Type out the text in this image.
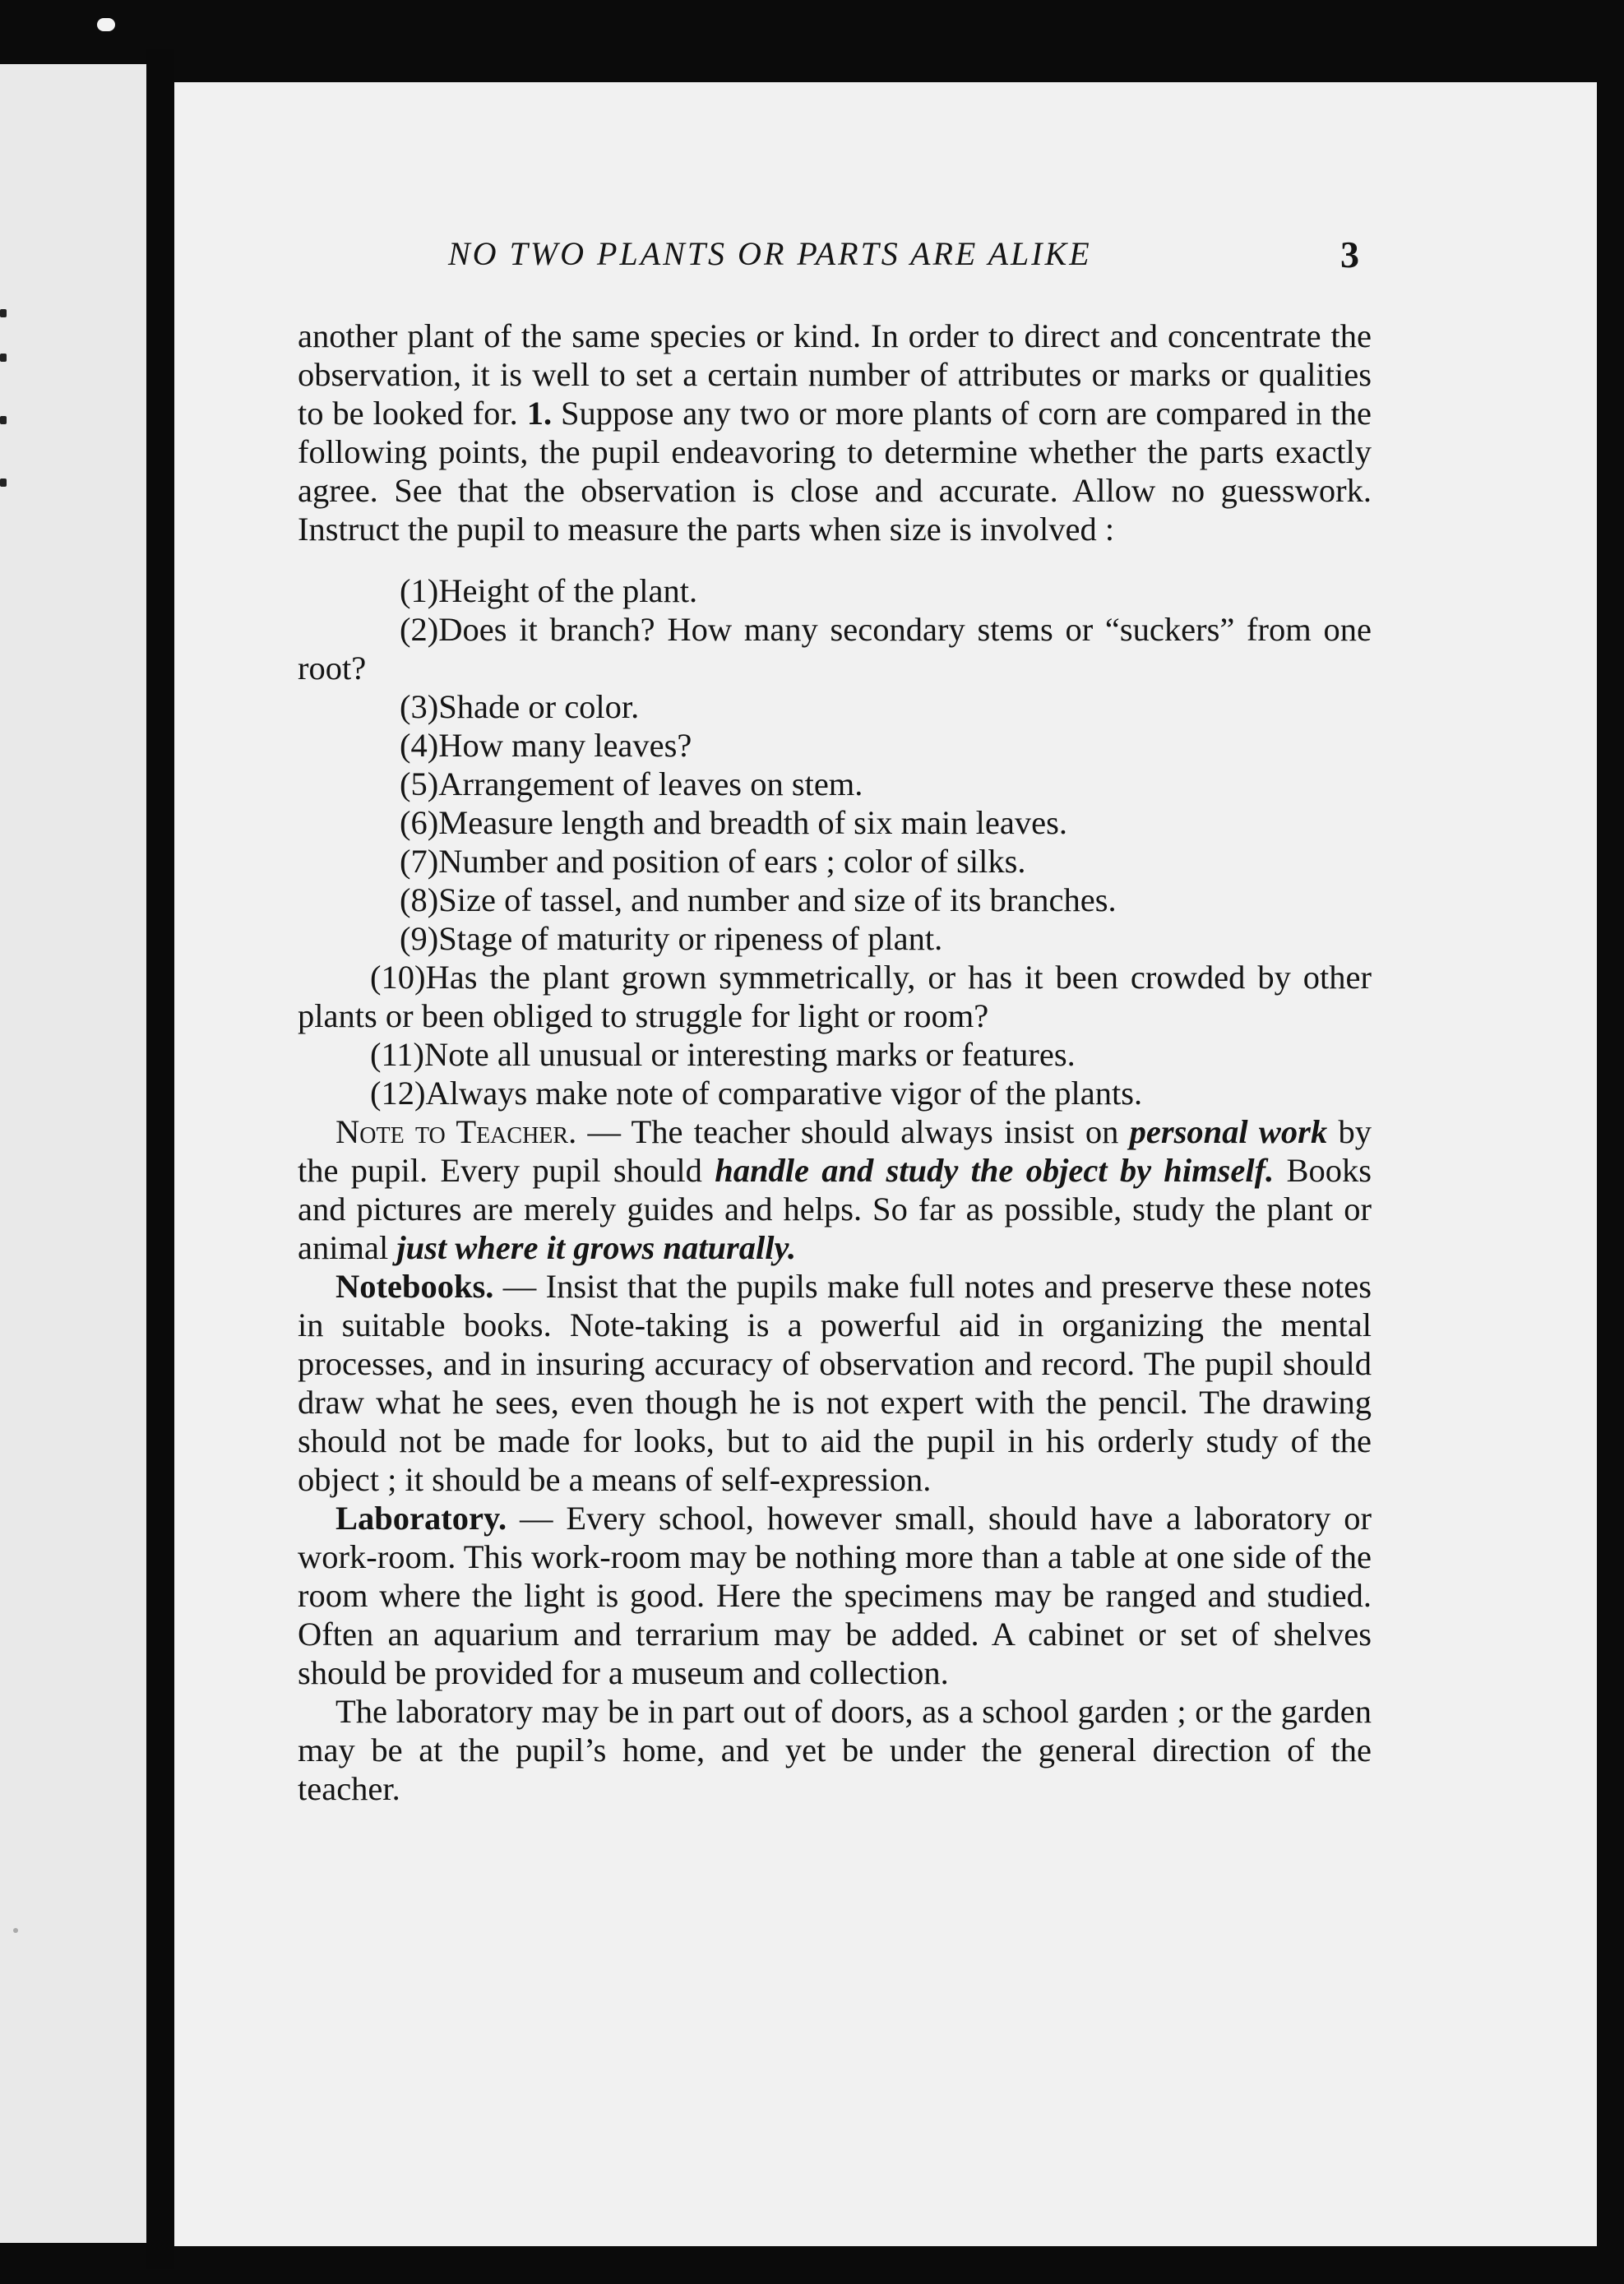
NO TWO PLANTS OR PARTS ARE ALIKE	3

another plant of the same species or kind. In order to direct and concentrate the observation, it is well to set a certain number of attributes or marks or qualities to be looked for. 1. Suppose any two or more plants of corn are compared in the following points, the pupil endeavoring to determine whether the parts exactly agree. See that the observation is close and accurate. Allow no guesswork. Instruct the pupil to measure the parts when size is involved :

(1)Height of the plant.

(2)Does it branch? How many secondary stems or “suckers” from one root?

(3)Shade or color.

(4)How many leaves?

(5)Arrangement of leaves on stem.

(6)Measure length and breadth of six main leaves.

(7)Number and position of ears ; color of silks.

(8)Size of tassel, and number and size of its branches.

(9)Stage of maturity or ripeness of plant.

(10)Has the plant grown symmetrically, or has it been crowded by other plants or been obliged to struggle for light or room?

(11)Note all unusual or interesting marks or features.

(12)Always make note of comparative vigor of the plants.

Note to Teacher. — The teacher should always insist on personal work by the pupil. Every pupil should handle and study the object by himself. Books and pictures are merely guides and helps. So far as possible, study the plant or animal just where it grows naturally.

Notebooks. — Insist that the pupils make full notes and preserve these notes in suitable books. Note-taking is a powerful aid in organizing the mental processes, and in insuring accuracy of observation and record. The pupil should draw what he sees, even though he is not expert with the pencil. The drawing should not be made for looks, but to aid the pupil in his orderly study of the object ; it should be a means of self-expression.

Laboratory. — Every school, however small, should have a laboratory or work-room. This work-room may be nothing more than a table at one side of the room where the light is good. Here the specimens may be ranged and studied. Often an aquarium and terrarium may be added. A cabinet or set of shelves should be provided for a museum and collection.

The laboratory may be in part out of doors, as a school garden ; or the garden may be at the pupil’s home, and yet be under the general direction of the teacher.
